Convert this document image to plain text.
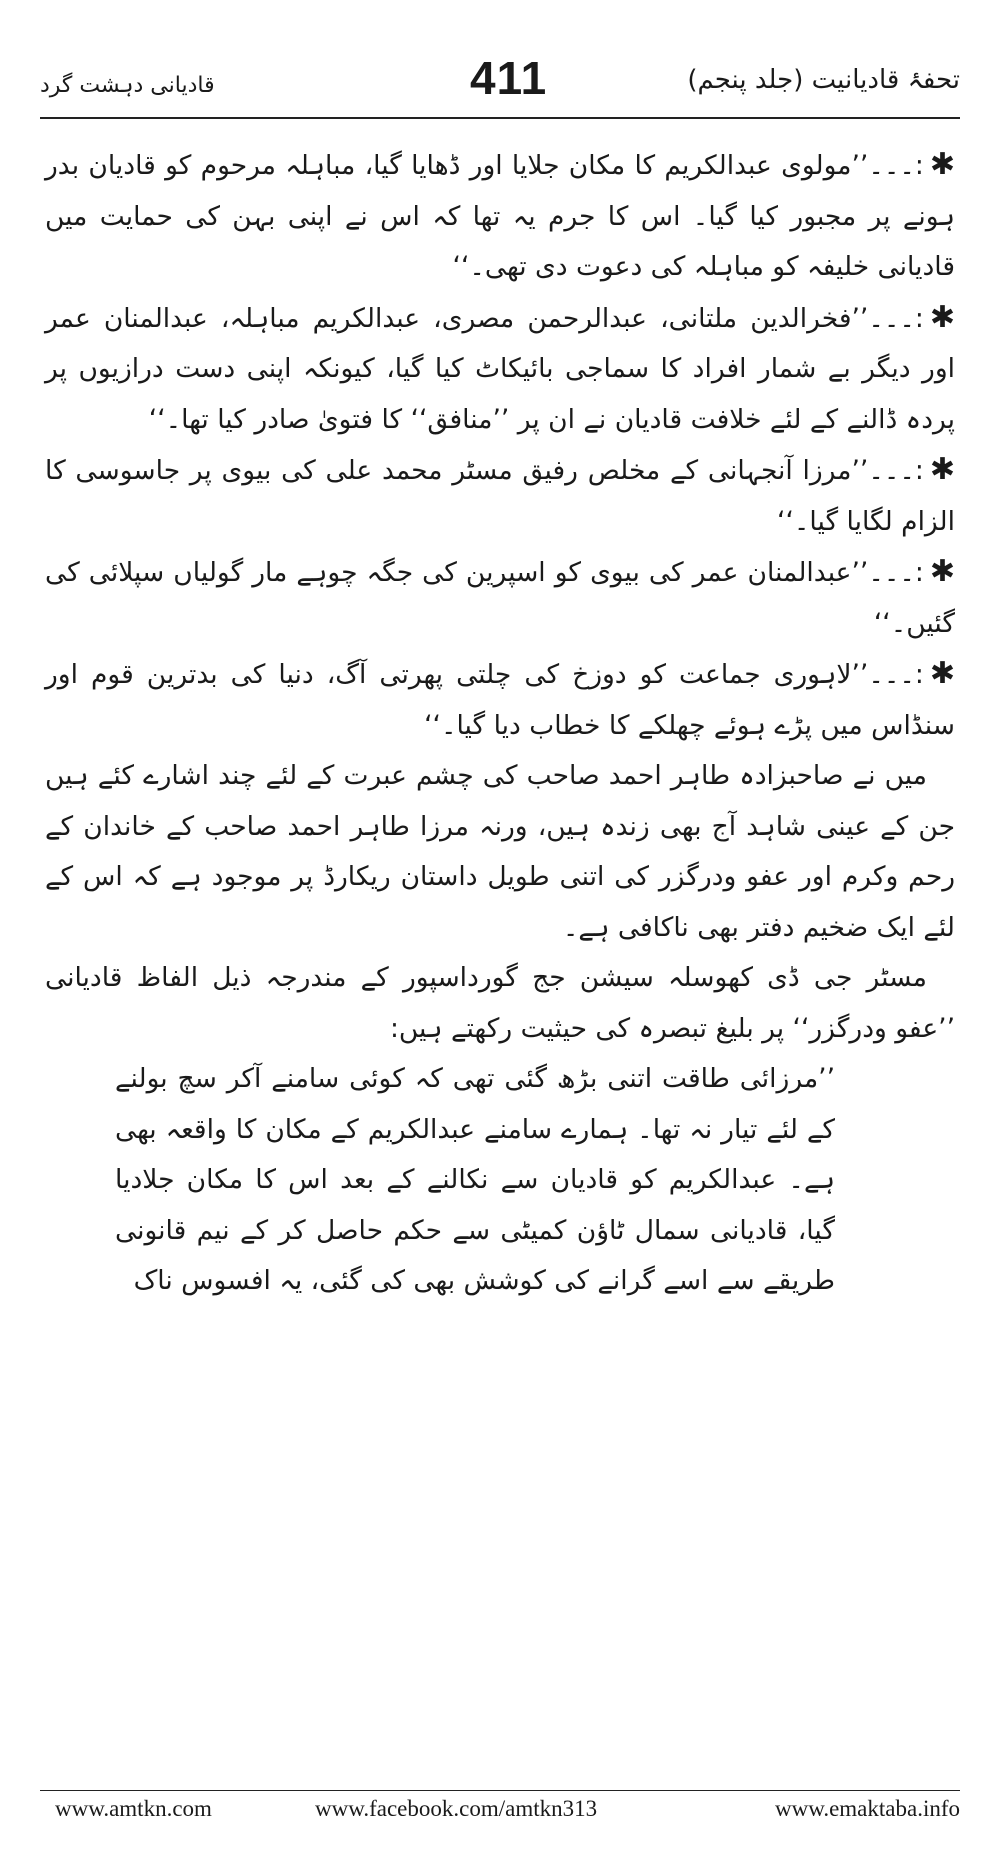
تحفۂ قادیانیت (جلد پنجم)
411
قادیانی دہشت گرد

✱:۔۔۔’’مولوی عبدالکریم کا مکان جلایا اور ڈھایا گیا، مباہلہ مرحوم کو قادیان بدر ہونے پر مجبور کیا گیا۔ اس کا جرم یہ تھا کہ اس نے اپنی بہن کی حمایت میں قادیانی خلیفہ کو مباہلہ کی دعوت دی تھی۔‘‘

✱:۔۔۔’’فخرالدین ملتانی، عبدالرحمن مصری، عبدالکریم مباہلہ، عبدالمنان عمر اور دیگر بے شمار افراد کا سماجی بائیکاٹ کیا گیا، کیونکہ اپنی دست درازیوں پر پردہ ڈالنے کے لئے خلافت قادیان نے ان پر ’’منافق‘‘ کا فتویٰ صادر کیا تھا۔‘‘

✱:۔۔۔’’مرزا آنجہانی کے مخلص رفیق مسٹر محمد علی کی بیوی پر جاسوسی کا الزام لگایا گیا۔‘‘

✱:۔۔۔’’عبدالمنان عمر کی بیوی کو اسپرین کی جگہ چوہے مار گولیاں سپلائی کی گئیں۔‘‘

✱:۔۔۔’’لاہوری جماعت کو دوزخ کی چلتی پھرتی آگ، دنیا کی بدترین قوم اور سنڈاس میں پڑے ہوئے چھلکے کا خطاب دیا گیا۔‘‘

میں نے صاحبزادہ طاہر احمد صاحب کی چشم عبرت کے لئے چند اشارے کئے ہیں جن کے عینی شاہد آج بھی زندہ ہیں، ورنہ مرزا طاہر احمد صاحب کے خاندان کے رحم وکرم اور عفو ودرگزر کی اتنی طویل داستان ریکارڈ پر موجود ہے کہ اس کے لئے ایک ضخیم دفتر بھی ناکافی ہے۔

مسٹر جی ڈی کھوسلہ سیشن جج گورداسپور کے مندرجہ ذیل الفاظ قادیانی ’’عفو ودرگزر‘‘ پر بلیغ تبصرہ کی حیثیت رکھتے ہیں:

’’مرزائی طاقت اتنی بڑھ گئی تھی کہ کوئی سامنے آکر سچ بولنے کے لئے تیار نہ تھا۔ ہمارے سامنے عبدالکریم کے مکان کا واقعہ بھی ہے۔ عبدالکریم کو قادیان سے نکالنے کے بعد اس کا مکان جلادیا گیا، قادیانی سمال ٹاؤن کمیٹی سے حکم حاصل کر کے نیم قانونی طریقے سے اسے گرانے کی کوشش بھی کی گئی، یہ افسوس ناک

www.amtkn.com	www.facebook.com/amtkn313	www.emaktaba.info
